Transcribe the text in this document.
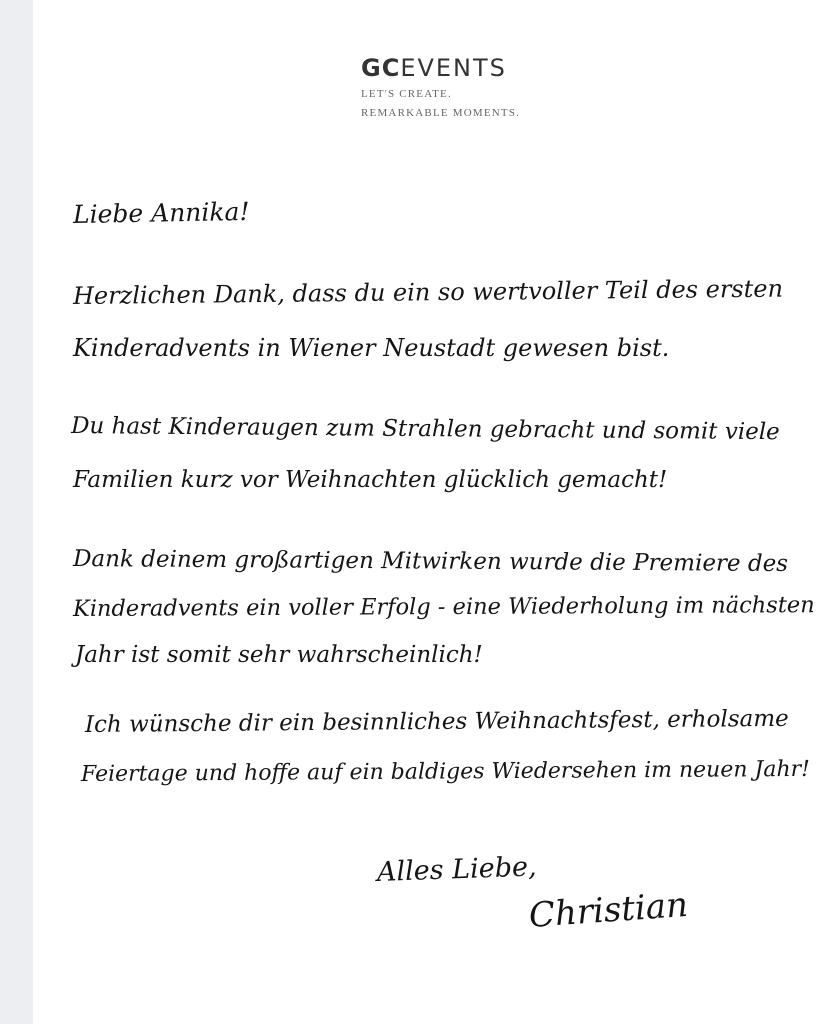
GCEVENTS
LET'S CREATE.
REMARKABLE MOMENTS.
Liebe Annika!
Herzlichen Dank, dass du ein so wertvoller Teil des ersten
Kinderadvents in Wiener Neustadt gewesen bist.
Du hast Kinderaugen zum Strahlen gebracht und somit viele
Familien kurz vor Weihnachten glücklich gemacht!
Dank deinem großartigen Mitwirken wurde die Premiere des
Kinderadvents ein voller Erfolg - eine Wiederholung im nächsten
Jahr ist somit sehr wahrscheinlich!
Ich wünsche dir ein besinnliches Weihnachtsfest, erholsame
Feiertage und hoffe auf ein baldiges Wiedersehen im neuen Jahr!
Alles Liebe,
Christian
